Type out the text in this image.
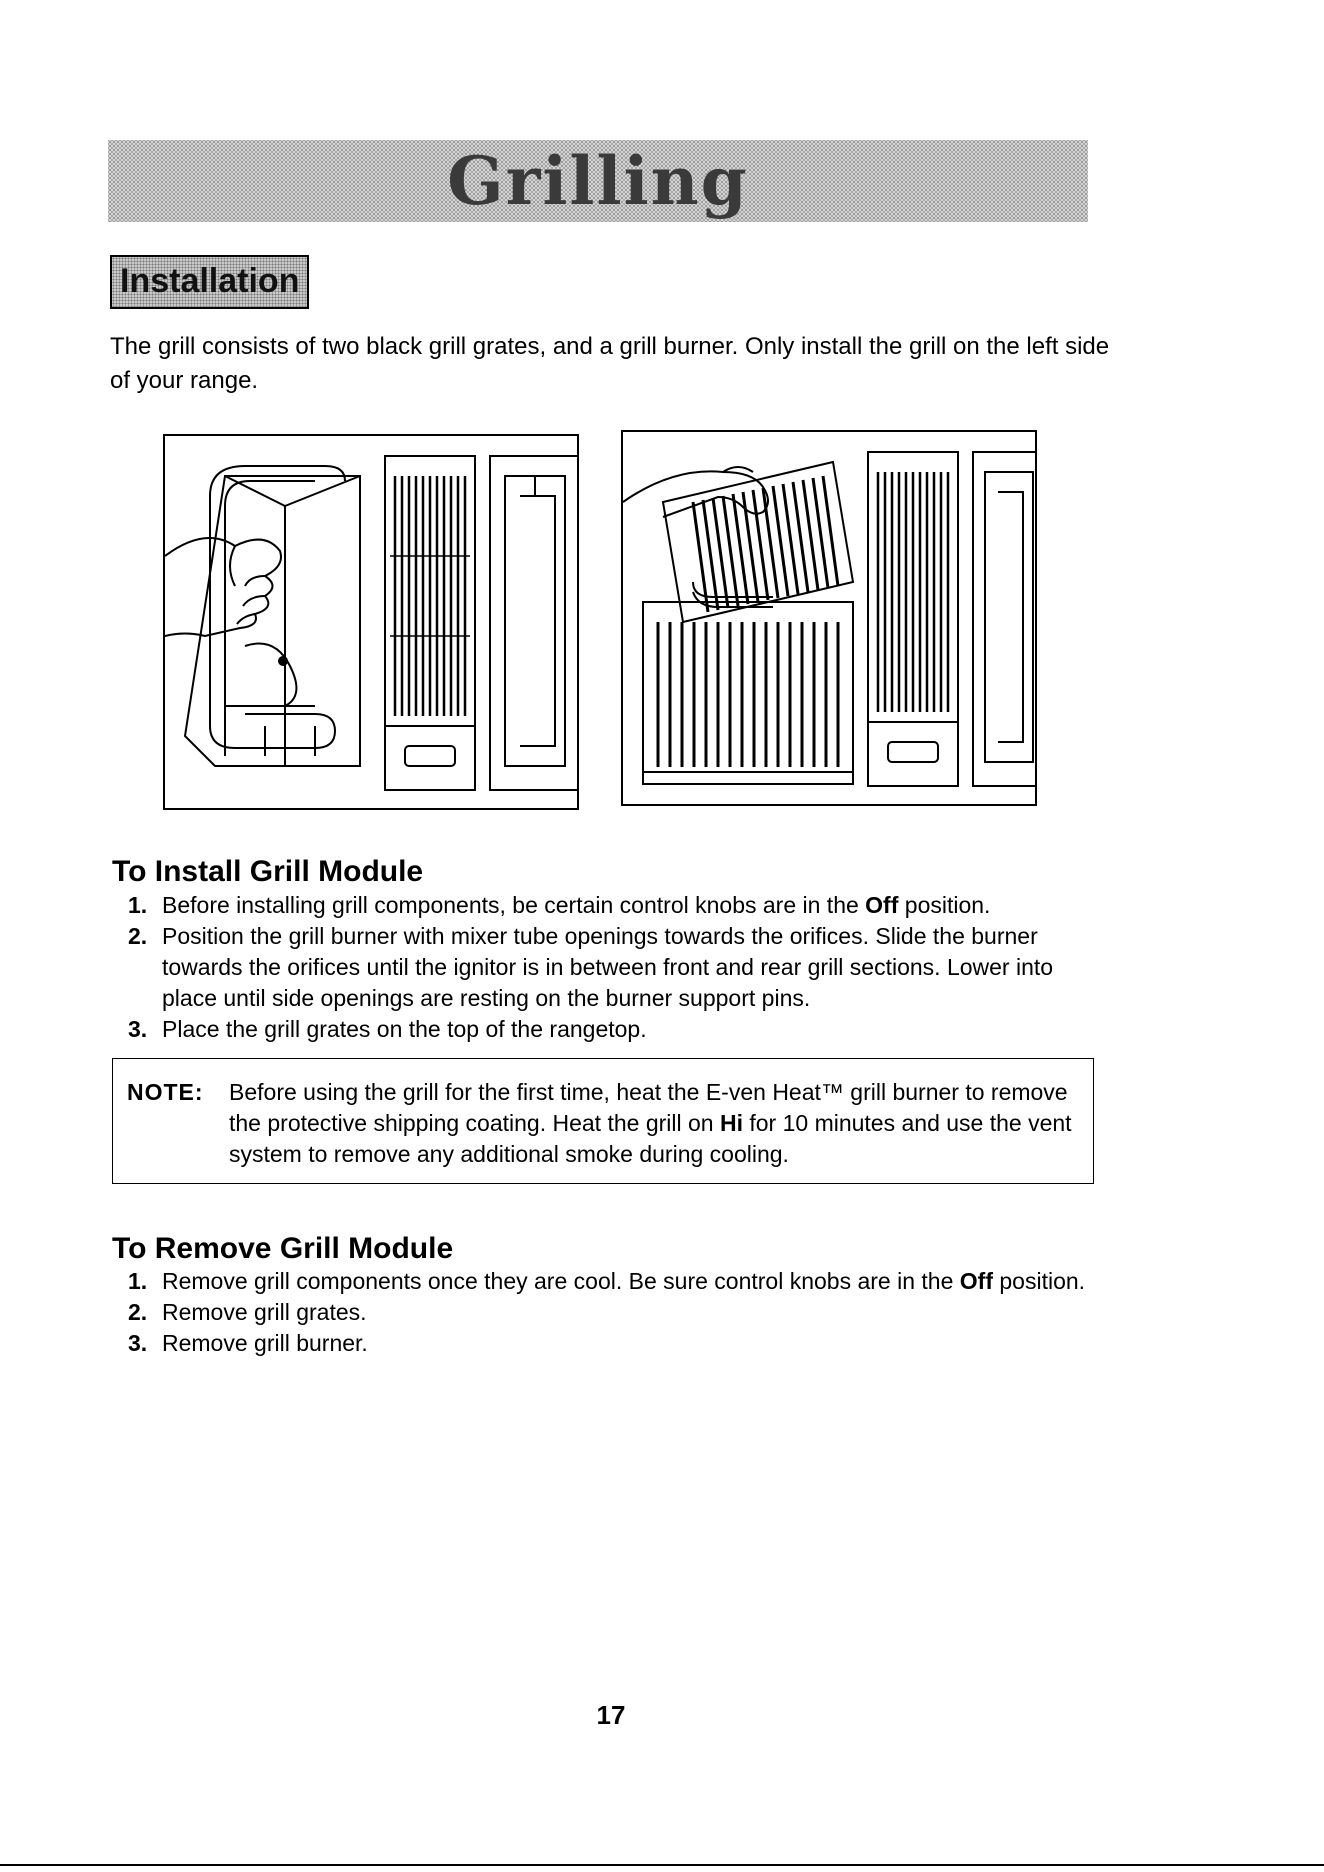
Grilling
Installation
The grill consists of two black grill grates, and a grill burner. Only install the grill on the left side of your range.
To Install Grill Module
1. Before installing grill components, be certain control knobs are in the Off position.
2. Position the grill burner with mixer tube openings towards the orifices. Slide the burner towards the orifices until the ignitor is in between front and rear grill sections. Lower into place until side openings are resting on the burner support pins.
3. Place the grill grates on the top of the rangetop.
NOTE: Before using the grill for the first time, heat the E-ven Heat™ grill burner to remove the protective shipping coating. Heat the grill on Hi for 10 minutes and use the vent system to remove any additional smoke during cooling.
To Remove Grill Module
1. Remove grill components once they are cool. Be sure control knobs are in the Off position.
2. Remove grill grates.
3. Remove grill burner.
17
